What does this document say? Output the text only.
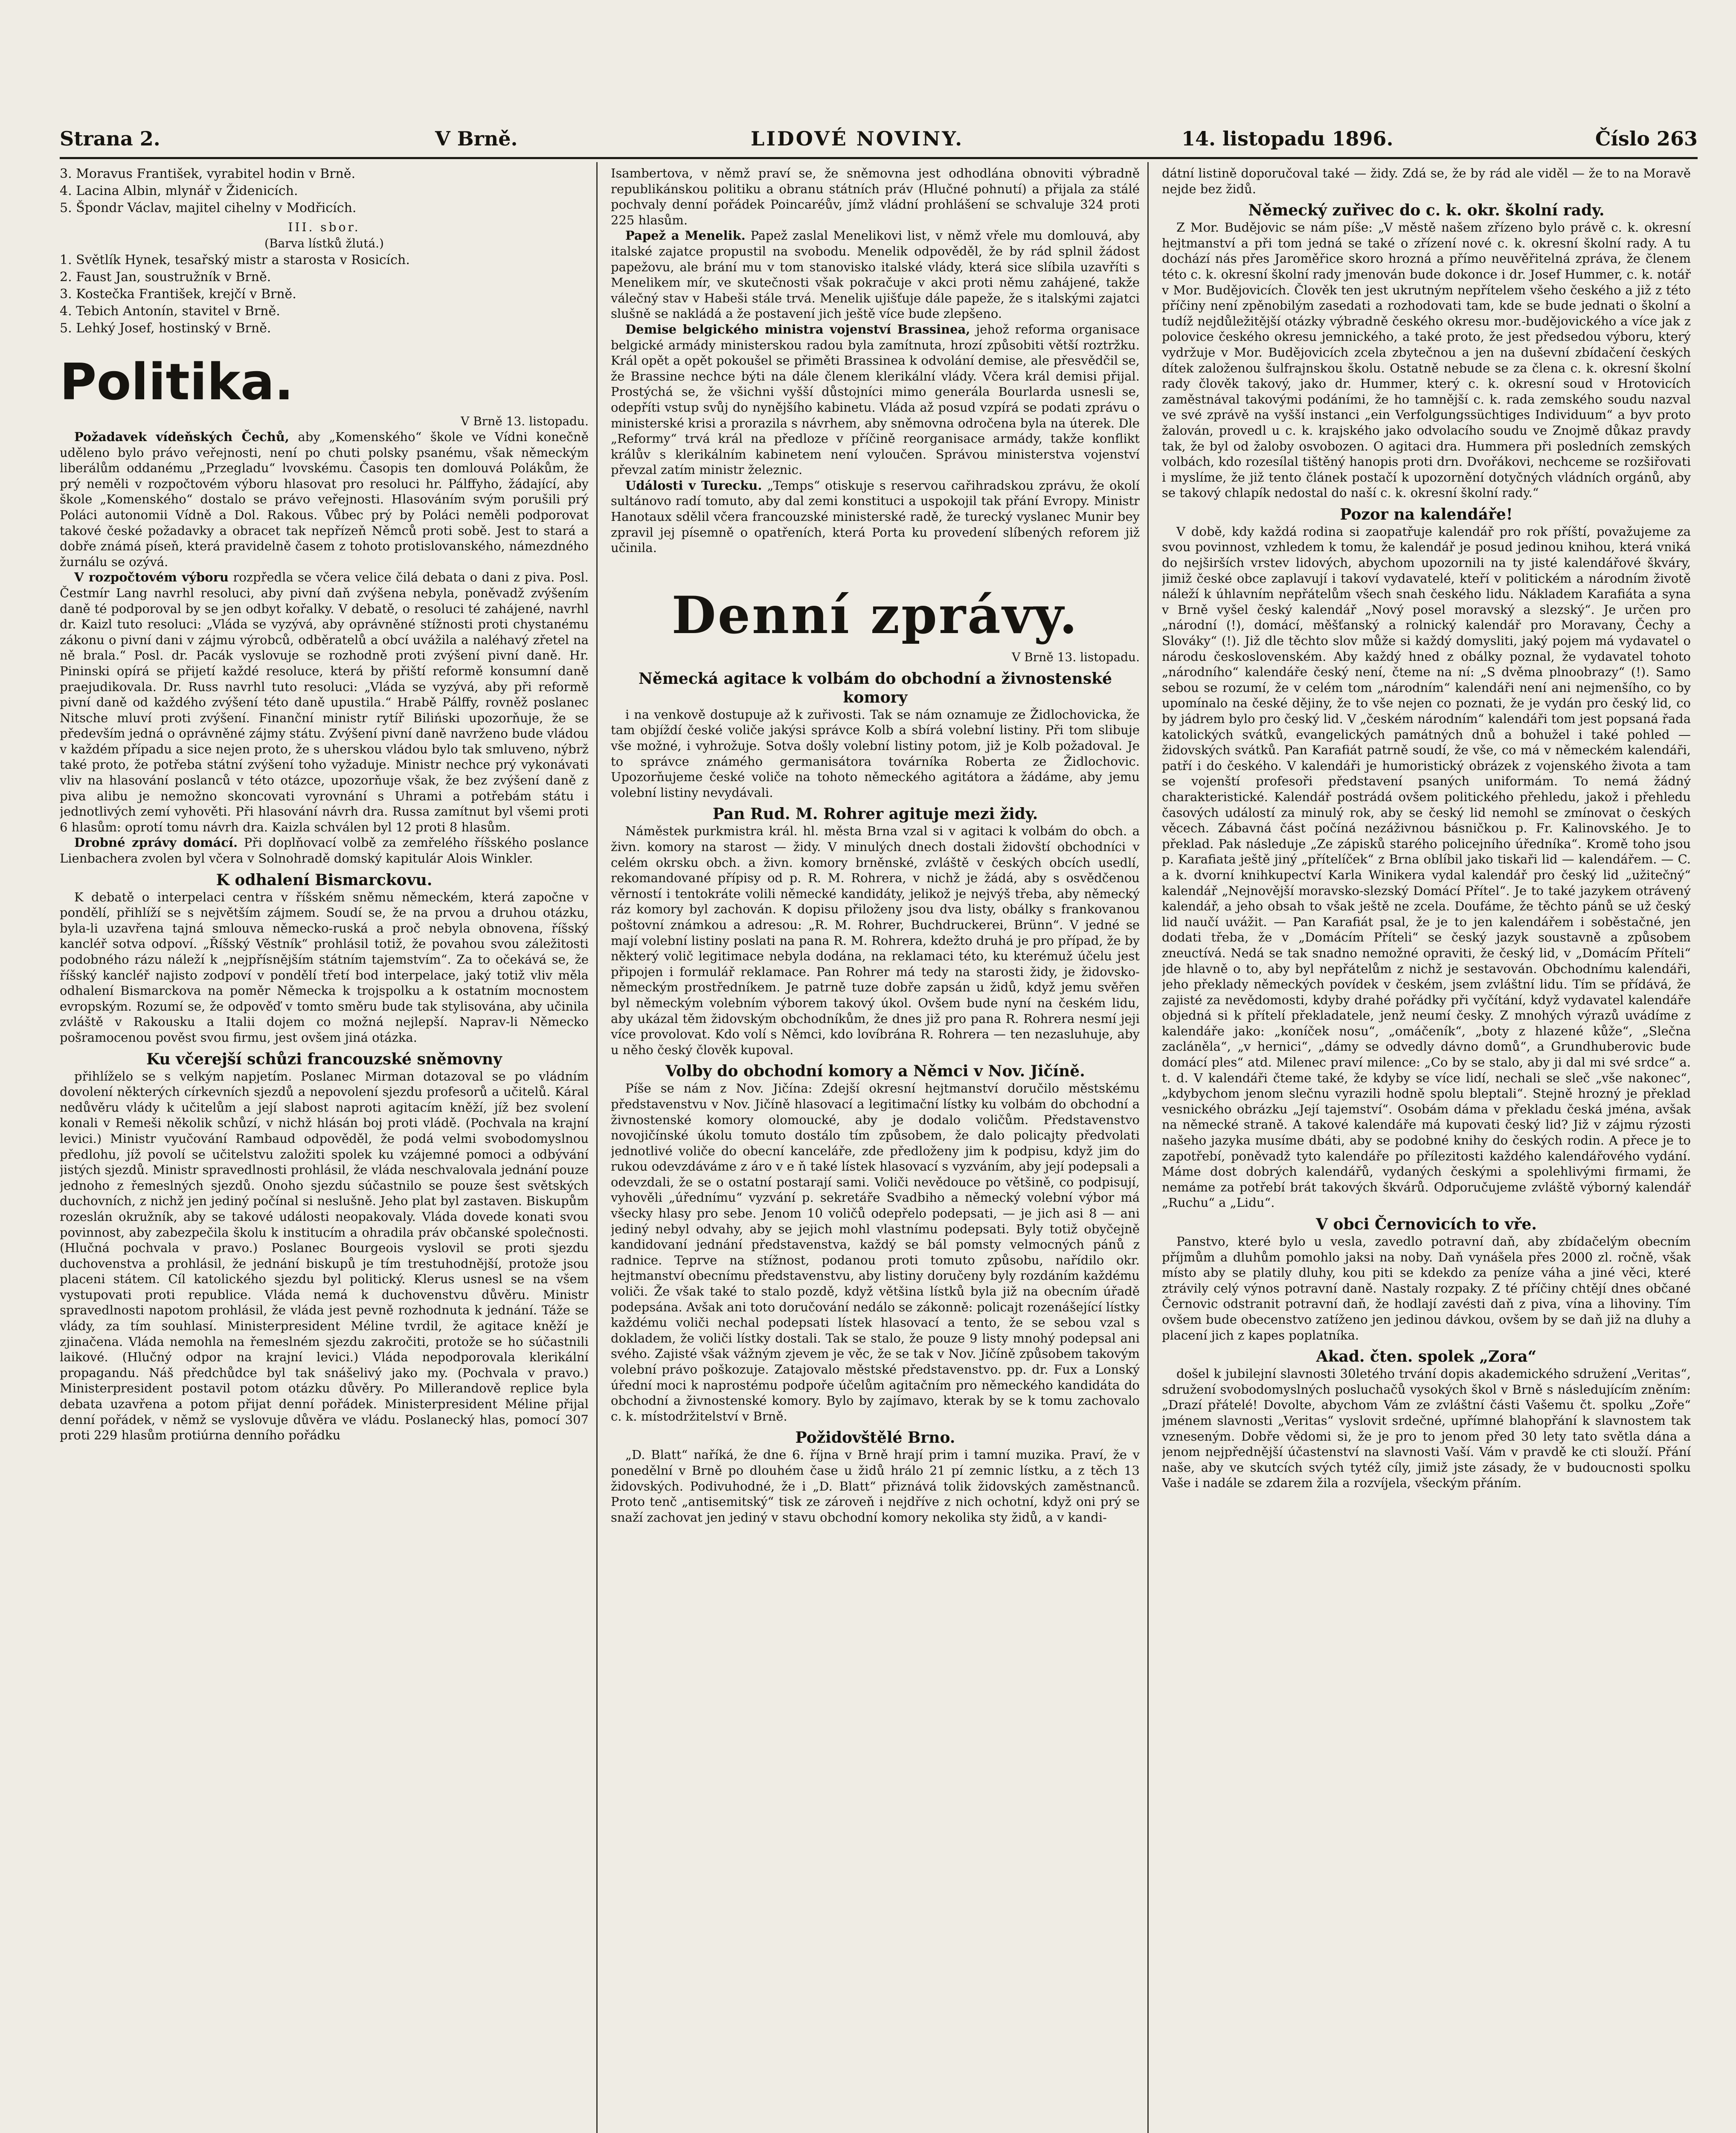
Strana 2.	V Brně.	LIDOVÉ NOVINY.	14. listopadu 1896.	Číslo 263
3. Moravus František, vyrabitel hodin v Brně.
4. Lacina Albin, mlynář v Židenicích.
5. Špondr Václav, majitel cihelny v Modřicích.
III. sbor.
(Barva lístků žlutá.)
1. Světlík Hynek, tesařský mistr a starosta v Rosicích.
2. Faust Jan, soustružník v Brně.
3. Kostečka František, krejčí v Brně.
4. Tebich Antonín, stavitel v Brně.
5. Lehký Josef, hostinský v Brně.
Politika.

V Brně 13. listopadu.

Požadavek vídeňských Čechů, aby „Komenského“ škole ve Vídni konečně uděleno bylo právo veřejnosti, není po chuti polsky psanému, však německým liberálům oddanému „Przegladu“ lvovskému. Časopis ten domlouvá Polákům, že prý neměli v rozpočtovém výboru hlasovat pro resoluci hr. Pálffyho, žádající, aby škole „Komenského“ dostalo se právo veřejnosti. Hlasováním svým porušili prý Poláci autonomii Vídně a Dol. Rakous. Vůbec prý by Poláci neměli podporovat takové české požadavky a obracet tak nepřízeň Němců proti sobě. Jest to stará a dobře známá píseň, která pravidelně časem z tohoto protislovanského, námezdného žurnálu se ozývá.

V rozpočtovém výboru rozpředla se včera velice čilá debata o dani z piva. Posl. Čestmír Lang navrhl resoluci, aby pivní daň zvýšena nebyla, poněvadž zvýšením daně té podporoval by se jen odbyt kořalky. V debatě, o resoluci té zahájené, navrhl dr. Kaizl tuto resoluci: „Vláda se vyzývá, aby oprávněné stížnosti proti chystanému zákonu o pivní dani v zájmu výrobců, odběratelů a obcí uvážila a naléhavý zřetel na ně brala.“ Posl. dr. Pacák vyslovuje se rozhodně proti zvýšení pivní daně. Hr. Pininski opírá se přijetí každé resoluce, která by přiští reformě konsumní daně praejudikovala. Dr. Russ navrhl tuto resoluci: „Vláda se vyzývá, aby při reformě pivní daně od každého zvýšení této daně upustila.“ Hrabě Pálffy, rovněž poslanec Nitsche mluví proti zvýšení. Finanční ministr rytíř Biliński upozorňuje, že se především jedná o oprávněné zájmy státu. Zvýšení pivní daně navrženo bude vládou v každém případu a sice nejen proto, že s uherskou vládou bylo tak smluveno, nýbrž také proto, že potřeba státní zvýšení toho vyžaduje. Ministr nechce prý vykonávati vliv na hlasování poslanců v této otázce, upozorňuje však, že bez zvýšení daně z piva alibu je nemožno skoncovati vyrovnání s Uhrami a potřebám státu i jednotlivých zemí vyhověti. Při hlasování návrh dra. Russa zamítnut byl všemi proti 6 hlasům: oprotí tomu návrh dra. Kaizla schválen byl 12 proti 8 hlasům.

Drobné zprávy domácí. Při doplňovací volbě za zemřelého říšského poslance Lienbachera zvolen byl včera v Solnohradě domský kapitulár Alois Winkler.

K odhalení Bismarckovu.

K debatě o interpelaci centra v říšském sněmu německém, která započne v pondělí, přihlíží se s největším zájmem. Soudí se, že na prvou a druhou otázku, byla-li uzavřena tajná smlouva německo-ruská a proč nebyla obnovena, říšský kancléř sotva odpoví. „Říšský Věstník“ prohlásil totiž, že povahou svou záležitosti podobného rázu náleží k „nejpřísnějším státním tajemstvím“. Za to očekává se, že říšský kancléř najisto zodpoví v pondělí třetí bod interpelace, jaký totiž vliv měla odhalení Bismarckova na poměr Německa k trojspolku a k ostatním mocnostem evropským. Rozumí se, že odpověď v tomto směru bude tak stylisována, aby učinila zvláště v Rakousku a Italii dojem co možná nejlepší. Naprav-li Německo pošramocenou pověst svou firmu, jest ovšem jiná otázka.

Ku včerejší schůzi francouzské sněmovny

přihlíželo se s velkým napjetím. Poslanec Mirman dotazoval se po vládním dovolení některých církevních sjezdů a nepovolení sjezdu profesorů a učitelů. Káral nedůvěru vlády k učitelům a její slabost naproti agitacím kněží, jíž bez svolení konali v Remeši několik schůzí, v nichž hlásán boj proti vládě. (Pochvala na krajní levici.) Ministr vyučování Rambaud odpověděl, že podá velmi svobodomyslnou předlohu, jíž povolí se učitelstvu založiti spolek ku vzájemné pomoci a odbývání jistých sjezdů. Ministr spravedlnosti prohlásil, že vláda neschvalovala jednání pouze jednoho z řemeslných sjezdů. Onoho sjezdu súčastnilo se pouze šest světských duchovních, z nichž jen jediný počínal si neslušně. Jeho plat byl zastaven. Biskupům rozeslán okružník, aby se takové události neopakovaly. Vláda dovede konati svou povinnost, aby zabezpečila školu k institucím a ohradila práv občanské společnosti. (Hlučná pochvala v pravo.) Poslanec Bourgeois vyslovil se proti sjezdu duchovenstva a prohlásil, že jednání biskupů je tím trestuhodnější, protože jsou placeni státem. Cíl katolického sjezdu byl politický. Klerus usnesl se na všem vystupovati proti republice. Vláda nemá k duchovenstvu důvěru. Ministr spravedlnosti napotom prohlásil, že vláda jest pevně rozhodnuta k jednání. Táže se vlády, za tím souhlasí. Ministerpresident Méline tvrdil, že agitace kněží je zjinačena. Vláda nemohla na řemeslném sjezdu zakročiti, protože se ho súčastnili laikové. (Hlučný odpor na krajní levici.) Vláda nepodporovala klerikální propagandu. Náš předchůdce byl tak snášelivý jako my. (Pochvala v pravo.) Ministerpresident postavil potom otázku důvěry. Po Millerandově replice byla debata uzavřena a potom přijat denní pořádek. Ministerpresident Méline přijal denní pořádek, v němž se vyslovuje důvěra ve vládu. Poslanecký hlas, pomocí 307 proti 229 hlasům protiúrna denního pořádku

Isambertova, v němž praví se, že sněmovna jest odhodlána obnoviti výbradně republikánskou politiku a obranu státních práv (Hlučné pohnutí) a přijala za stálé pochvaly denní pořádek Poincaréův, jímž vládní prohlášení se schvaluje 324 proti 225 hlasům.

Papež a Menelik. Papež zaslal Menelikovi list, v němž vřele mu domlouvá, aby italské zajatce propustil na svobodu. Menelik odpověděl, že by rád splnil žádost papežovu, ale brání mu v tom stanovisko italské vlády, která sice slíbila uzavříti s Menelikem mír, ve skutečnosti však pokračuje v akci proti němu zahájené, takže válečný stav v Habeši stále trvá. Menelik ujišťuje dále papeže, že s italskými zajatci slušně se nakládá a že postavení jich ještě více bude zlepšeno.

Demise belgického ministra vojenství Brassinea, jehož reforma organisace belgické armády ministerskou radou byla zamítnuta, hrozí způsobiti větší roztržku. Král opět a opět pokoušel se přiměti Brassinea k odvolání demise, ale přesvědčil se, že Brassine nechce býti na dále členem klerikální vlády. Včera král demisi přijal. Prostýchá se, že všichni vyšší důstojníci mimo generála Bourlarda usnesli se, odepříti vstup svůj do nynějšího kabinetu. Vláda až posud vzpírá se podati zprávu o ministerské krisi a prorazila s návrhem, aby sněmovna odročena byla na úterek. Dle „Reformy“ trvá král na předloze v příčině reorganisace armády, takže konflikt králův s klerikálním kabinetem není vyloučen. Správou ministerstva vojenství převzal zatím ministr železnic.

Události v Turecku. „Temps“ otiskuje s reservou cařihradskou zprávu, že okolí sultánovo radí tomuto, aby dal zemi konstituci a uspokojil tak přání Evropy. Ministr Hanotaux sdělil včera francouzské ministerské radě, že turecký vyslanec Munir bey zpravil jej písemně o opatřeních, která Porta ku provedení slíbených reforem již učinila.

Denní zprávy.

V Brně 13. listopadu.

Německá agitace k volbám do obchodní a živnostenské komory

i na venkově dostupuje až k zuřivosti. Tak se nám oznamuje ze Židlochovicka, že tam objíždí české voliče jakýsi správce Kolb a sbírá volební listiny. Při tom slibuje vše možné, i vyhrožuje. Sotva došly volební listiny potom, již je Kolb požadoval. Je to správce známého germanisátora továrníka Roberta ze Židlochovic. Upozorňujeme české voliče na tohoto německého agitátora a žádáme, aby jemu volební listiny nevydávali.

Pan Rud. M. Rohrer agituje mezi židy.

Náměstek purkmistra král. hl. města Brna vzal si v agitaci k volbám do obch. a živn. komory na starost — židy. V minulých dnech dostali židovští obchodníci v celém okrsku obch. a živn. komory brněnské, zvláště v českých obcích usedlí, rekomandované přípisy od p. R. M. Rohrera, v nichž je žádá, aby s osvědčenou věrností i tentokráte volili německé kandidáty, jelikož je nejvýš třeba, aby německý ráz komory byl zachován. K dopisu přiloženy jsou dva listy, obálky s frankovanou poštovní známkou a adresou: „R. M. Rohrer, Buchdruckerei, Brünn“. V jedné se mají volební listiny poslati na pana R. M. Rohrera, kdežto druhá je pro případ, že by některý volič legitimace nebyla dodána, na reklamaci této, ku kterémuž účelu jest připojen i formulář reklamace. Pan Rohrer má tedy na starosti židy, je židovsko-německým prostředníkem. Je patrně tuze dobře zapsán u židů, když jemu svěřen byl německým volebním výborem takový úkol. Ovšem bude nyní na českém lidu, aby ukázal těm židovským obchodníkům, že dnes již pro pana R. Rohrera nesmí jeji více provolovat. Kdo volí s Němci, kdo lovíbrána R. Rohrera — ten nezasluhuje, aby u něho český člověk kupoval.

Volby do obchodní komory a Němci v Nov. Jičíně.

Píše se nám z Nov. Jičína: Zdejší okresní hejtmanství doručilo městskému představenstvu v Nov. Jičíně hlasovací a legitimační lístky ku volbám do obchodní a živnostenské komory olomoucké, aby je dodalo voličům. Představenstvo novojičínské úkolu tomuto dostálo tím způsobem, že dalo policajty předvolati jednotlivé voliče do obecní kanceláře, zde předloženy jim k podpisu, když jim do rukou odevzdáváme z áro v e ň také lístek hlasovací s vyzváním, aby její podepsali a odevzdali, že se o ostatní postarají sami. Voliči nevědouce po většině, co podpisují, vyhověli „úřednímu“ vyzvání p. sekretáře Svadbiho a německý volební výbor má všecky hlasy pro sebe. Jenom 10 voličů odepřelo podepsati, — je jich asi 8 — ani jediný nebyl odvahy, aby se jejich mohl vlastnímu podepsati. Byly totiž obyčejně kandidovaní jednání představenstva, každý se bál pomsty velmocných pánů z radnice. Teprve na stížnost, podanou proti tomuto způsobu, nařídilo okr. hejtmanství obecnímu představenstvu, aby listiny doručeny byly rozdáním každému voliči. Že však také to stalo pozdě, když většina lístků byla již na obecním úřadě podepsána. Avšak ani toto doručování nedálo se zákonně: policajt rozenášející lístky každému voliči nechal podepsati lístek hlasovací a tento, že se sebou vzal s dokladem, že voliči lístky dostali. Tak se stalo, že pouze 9 listy mnohý podepsal ani svého. Zajisté však vážným zjevem je věc, že se tak v Nov. Jičíně způsobem takovým volební právo poškozuje. Zatajovalo městské představenstvo. pp. dr. Fux a Lonský úřední moci k naprostému podpoře účelům agitačním pro německého kandidáta do obchodní a živnostenské komory. Bylo by zajímavo, kterak by se k tomu zachovalo c. k. místodržitelství v Brně.

Požidovštělé Brno.

„D. Blatt“ naříká, že dne 6. října v Brně hrají prim i tamní muzika. Praví, že v ponedělní v Brně po dlouhém čase u židů hrálo 21 pí zemnic lístku, a z těch 13 židovských. Podivuhodné, že i „D. Blatt“ přiznává tolik židovských zaměstnanců. Proto tenč „antisemitský“ tisk ze zároveň i nejdříve z nich ochotní, když oni prý se snaží zachovat jen jediný v stavu obchodní komory nekolika sty židů, a v kandi-

dátní listině doporučoval také — židy. Zdá se, že by rád ale viděl — že to na Moravě nejde bez židů.

Německý zuřivec do c. k. okr. školní rady.

Z Mor. Budějovic se nám píše: „V městě našem zřízeno bylo právě c. k. okresní hejtmanství a při tom jedná se také o zřízení nové c. k. okresní školní rady. A tu dochází nás přes Jaroměřice skoro hrozná a přímo neuvěřitelná zpráva, že členem této c. k. okresní školní rady jmenován bude dokonce i dr. Josef Hummer, c. k. notář v Mor. Budějovicích. Člověk ten jest ukrutným nepřítelem všeho českého a již z této příčiny není zpěnobilým zasedati a rozhodovati tam, kde se bude jednati o školní a tudíž nejdůležitější otázky výbradně českého okresu mor.-budějovického a více jak z polovice českého okresu jemnického, a také proto, že jest předsedou výboru, který vydržuje v Mor. Budějovicích zcela zbytečnou a jen na duševní zbídačení českých dítek založenou šulfrajnskou školu. Ostatně nebude se za člena c. k. okresní školní rady člověk takový, jako dr. Hummer, který c. k. okresní soud v Hrotovicích zaměstnával takovými podáními, že ho tamnější c. k. rada zemského soudu nazval ve své zprávě na vyšší instanci „ein Verfolgungssüchtiges Individuum“ a byv proto žalován, provedl u c. k. krajského jako odvolacího soudu ve Znojmě důkaz pravdy tak, že byl od žaloby osvobozen. O agitaci dra. Hummera při posledních zemských volbách, kdo rozesílal tištěný hanopis proti drn. Dvořákovi, nechceme se rozšiřovati i myslíme, že již tento článek postačí k upozornění dotyčných vládních orgánů, aby se takový chlapík nedostal do naší c. k. okresní školní rady.“

Pozor na kalendáře!

V době, kdy každá rodina si zaopatřuje kalendář pro rok příští, považujeme za svou povinnost, vzhledem k tomu, že kalendář je posud jedinou knihou, která vniká do nejširších vrstev lidových, abychom upozornili na ty jisté kalendářové škváry, jimiž české obce zaplavují i takoví vydavatelé, kteří v politickém a národním životě náleží k úhlavním nepřátelům všech snah českého lidu. Nákladem Karafiáta a syna v Brně vyšel český kalendář „Nový posel moravský a slezský“. Je určen pro „národní (!), domácí, měšťanský a rolnický kalendář pro Moravany, Čechy a Slováky“ (!). Již dle těchto slov může si každý domysliti, jaký pojem má vydavatel o národu československém. Aby každý hned z obálky poznal, že vydavatel tohoto „národního“ kalendáře český není, čteme na ní: „S dvěma plnoobrazy“ (!). Samo sebou se rozumí, že v celém tom „národním“ kalendáři není ani nejmenšího, co by upomínalo na české dějiny, že to vše nejen co poznati, že je vydán pro český lid, co by jádrem bylo pro český lid. V „českém národním“ kalendáři tom jest popsaná řada katolických svátků, evangelických památných dnů a bohužel i také pohled — židovských svátků. Pan Karafiát patrně soudí, že vše, co má v německém kalendáři, patří i do českého. V kalendáři je humoristický obrázek z vojenského života a tam se vojenští profesoři představení psaných uniformám. To nemá žádný charakteristické. Kalendář postrádá ovšem politického přehledu, jakož i přehledu časových událostí za minulý rok, aby se český lid nemohl se zmínovat o českých věcech. Zábavná část počíná nezáživnou básničkou p. Fr. Kalinovského. Je to překlad. Pak následuje „Ze zápisků starého policejního úředníka“. Kromě toho jsou p. Karafiata ještě jiný „přítelíček“ z Brna oblíbil jako tiskaři lid — kalendářem. — C. a k. dvorní knihkupectví Karla Winikera vydal kalendář pro český lid „užitečný“ kalendář „Nejnovější moravsko-slezský Domácí Přítel“. Je to také jazykem otrávený kalendář, a jeho obsah to však ještě ne zcela. Doufáme, že těchto pánů se už český lid naučí uvážit. — Pan Karafiát psal, že je to jen kalendářem i soběstačné, jen dodati třeba, že v „Domácím Příteli“ se český jazyk soustavně a způsobem zneuctívá. Nedá se tak snadno nemožné opraviti, že český lid, v „Domácím Příteli“ jde hlavně o to, aby byl nepřátelům z nichž je sestavován. Obchodnímu kalendáři, jeho překlady německých povídek v českém, jsem zvláštní lidu. Tím se přídává, že zajisté za nevědomosti, kdyby drahé pořádky při vyčítání, když vydavatel kalendáře objedná si k přítelí překladatele, jenž neumí česky. Z mnohých výrazů uvádíme z kalendáře jako: „koníček nosu“, „omáčeník“, „boty z hlazené kůže“, „Slečna zacláněla“, „v hernici“, „dámy se odvedly dávno domů“, a Grundhuberovic bude domácí ples“ atd. Milenec praví milence: „Co by se stalo, aby ji dal mi své srdce“ a. t. d. V kalendáři čteme také, že kdyby se více lidí, nechali se sleč „vše nakonec“, „kdybychom jenom slečnu vyrazili hodně spolu bleptali“. Stejně hrozný je překlad vesnického obrázku „Její tajemství“. Osobám dáma v překladu česká jména, avšak na německé straně. A takové kalendáře má kupovati český lid? Již v zájmu rýzosti našeho jazyka musíme dbáti, aby se podobné knihy do českých rodin. A přece je to zapotřebí, poněvadž tyto kalendáře po přílezitosti každého kalendářového vydání. Máme dost dobrých kalendářů, vydaných českými a spolehlivými firmami, že nemáme za potřebí brát takových škvárů. Odporučujeme zvláště výborný kalendář „Ruchu“ a „Lidu“.

V obci Černovicích to vře.

Panstvo, které bylo u vesla, zavedlo potravní daň, aby zbídačelým obecním příjmům a dluhům pomohlo jaksi na noby. Daň vynášela přes 2000 zl. ročně, však místo aby se platily dluhy, kou piti se kdekdo za peníze váha a jiné věci, které ztrávily celý výnos potravní daně. Nastaly rozpaky. Z té příčiny chtějí dnes občané Černovic odstranit potravní daň, že hodlají zavésti daň z piva, vína a lihoviny. Tím ovšem bude obecenstvo zatíženo jen jedinou dávkou, ovšem by se daň již na dluhy a placení jich z kapes poplatníka.

Akad. čten. spolek „Zora“

došel k jubilejní slavnosti 30letého trvání dopis akademického sdružení „Veritas“, sdružení svobodomyslných posluchačů vysokých škol v Brně s následujícím zněním: „Drazí přátelé! Dovolte, abychom Vám ze zvláštní části Vašemu čt. spolku „Zoře“ jménem slavnosti „Veritas“ vyslovit srdečné, upřímné blahopřání k slavnostem tak vzneseným. Dobře vědomi si, že je pro to jenom před 30 lety tato světla dána a jenom nejpřednější účastenství na slavnosti Vaší. Vám v pravdě ke cti slouží. Přání naše, aby ve skutcích svých tytéž cíly, jimiž jste zásady, že v budoucnosti spolku Vaše i nadále se zdarem žila a rozvíjela, všeckým přáním.
